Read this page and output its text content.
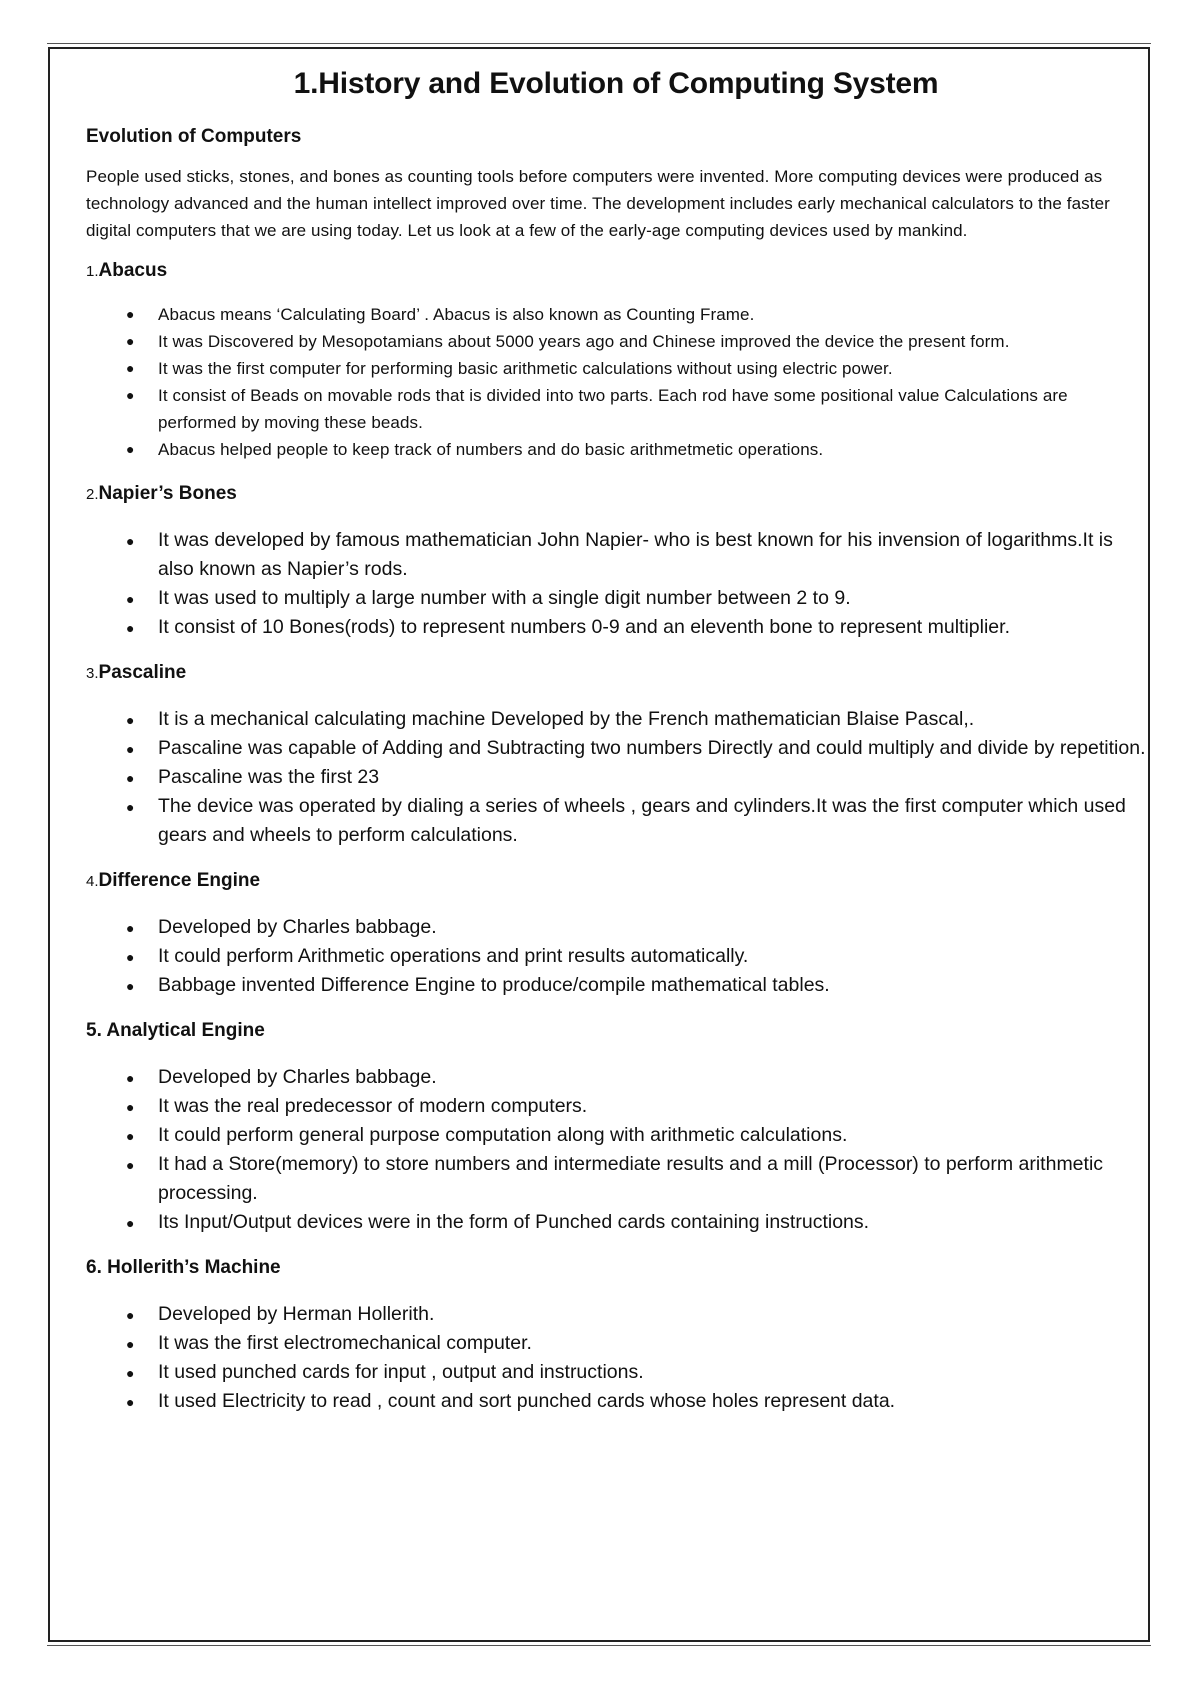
1.History and Evolution of Computing System

Evolution of Computers

People used sticks, stones, and bones as counting tools before computers were invented. More computing devices were produced as technology advanced and the human intellect improved over time. The development includes early mechanical calculators to the faster digital computers that we are using today. Let us look at a few of the early-age computing devices used by mankind.

1.Abacus

● Abacus means ‘Calculating Board’ . Abacus is also known as Counting Frame.
● It was Discovered by Mesopotamians about 5000 years ago and Chinese improved the device the present form.
● It was the first computer for performing basic arithmetic calculations without using electric power.
● It consist of Beads on movable rods that is divided into two parts. Each rod have some positional value Calculations are performed by moving these beads.
● Abacus helped people to keep track of numbers and do basic arithmetmetic operations.

2.Napier’s Bones

● It was developed by famous mathematician John Napier- who is best known for his invension of logarithms.It is also known as Napier’s rods.
● It was used to multiply a large number with a single digit number between 2 to 9.
● It consist of 10 Bones(rods) to represent numbers 0-9 and an eleventh bone to represent multiplier.

3.Pascaline

● It is a mechanical calculating machine Developed by the French mathematician Blaise Pascal,.
● Pascaline was capable of Adding and Subtracting two numbers Directly and could multiply and divide by repetition.
● Pascaline was the first 23
● The device was operated by dialing a series of wheels , gears and cylinders.It was the first computer which used gears and wheels to perform calculations.

4.Difference Engine

● Developed by Charles babbage.
● It could perform Arithmetic operations and print results automatically.
● Babbage invented Difference Engine to produce/compile mathematical tables.

5. Analytical Engine

● Developed by Charles babbage.
● It was the real predecessor of modern computers.
● It could perform general purpose computation along with arithmetic calculations.
● It had a Store(memory) to store numbers and intermediate results and a mill (Processor) to perform arithmetic processing.
● Its Input/Output devices were in the form of Punched cards containing instructions.

6. Hollerith’s Machine

● Developed by Herman Hollerith.
● It was the first electromechanical computer.
● It used punched cards for input , output and instructions.
● It used Electricity to read , count and sort punched cards whose holes represent data.
